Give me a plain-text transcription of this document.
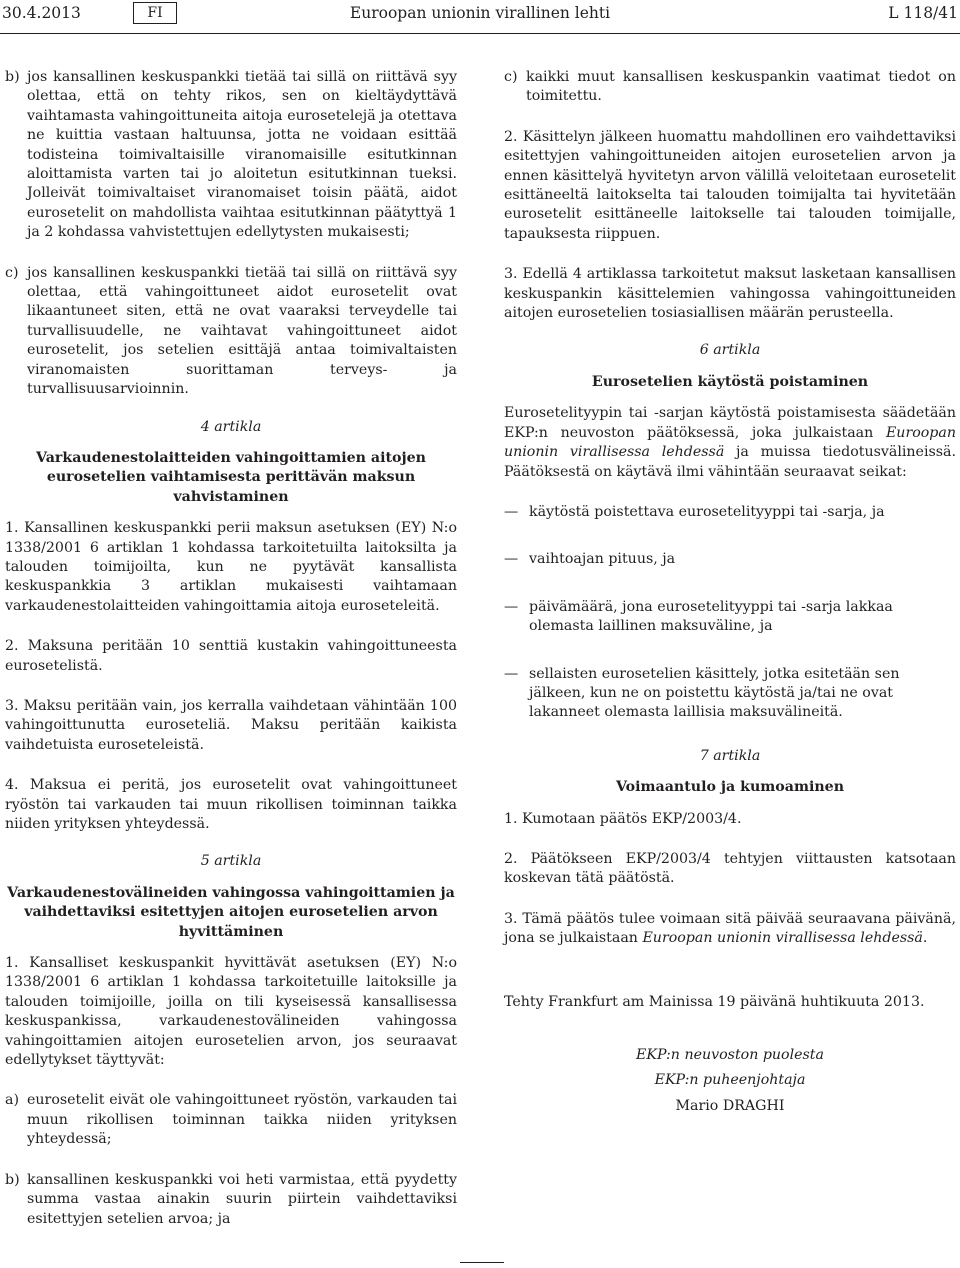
30.4.2013	FI	Euroopan unionin virallinen lehti	L 118/41
b) jos kansallinen keskuspankki tietää tai sillä on riittävä syy olettaa, että on tehty rikos, sen on kieltäydyttävä vaihtamasta vahingoittuneita aitoja eurosetelejä ja otettava ne kuittia vastaan haltuunsa, jotta ne voidaan esittää todisteina toimivaltaisille viranomaisille esitutkinnan aloittamista varten tai jo aloitetun esitutkinnan tueksi. Jolleivät toimivaltaiset viranomaiset toisin päätä, aidot eurosetelit on mahdollista vaihtaa esitutkinnan päätyttyä 1 ja 2 kohdassa vahvistettujen edellytysten mukaisesti;
c) jos kansallinen keskuspankki tietää tai sillä on riittävä syy olettaa, että vahingoittuneet aidot eurosetelit ovat likaantuneet siten, että ne ovat vaaraksi terveydelle tai turvallisuudelle, ne vaihtavat vahingoittuneet aidot eurosetelit, jos setelien esittäjä antaa toimivaltaisten viranomaisten suorittaman terveys- ja turvallisuusarvioinnin.
4 artikla
Varkaudenestolaitteiden vahingoittamien aitojen eurosetelien vaihtamisesta perittävän maksun vahvistaminen

1. Kansallinen keskuspankki perii maksun asetuksen (EY) N:o 1338/2001 6 artiklan 1 kohdassa tarkoitetuilta laitoksilta ja talouden toimijoilta, kun ne pyytävät kansallista keskuspankkia 3 artiklan mukaisesti vaihtamaan varkaudenestolaitteiden vahingoittamia aitoja euroseteleitä.

2. Maksuna peritään 10 senttiä kustakin vahingoittuneesta eurosetelistä.

3. Maksu peritään vain, jos kerralla vaihdetaan vähintään 100 vahingoittunutta euroseteliä. Maksu peritään kaikista vaihdetuista euroseteleistä.

4. Maksua ei peritä, jos eurosetelit ovat vahingoittuneet ryöstön tai varkauden tai muun rikollisen toiminnan taikka niiden yrityksen yhteydessä.

5 artikla
Varkaudenestovälineiden vahingossa vahingoittamien ja vaihdettaviksi esitettyjen aitojen eurosetelien arvon hyvittäminen

1. Kansalliset keskuspankit hyvittävät asetuksen (EY) N:o 1338/2001 6 artiklan 1 kohdassa tarkoitetuille laitoksille ja talouden toimijoille, joilla on tili kyseisessä kansallisessa keskuspankissa, varkaudenestovälineiden vahingossa vahingoittamien aitojen eurosetelien arvon, jos seuraavat edellytykset täyttyvät:

a) eurosetelit eivät ole vahingoittuneet ryöstön, varkauden tai muun rikollisen toiminnan taikka niiden yrityksen yhteydessä;
b) kansallinen keskuspankki voi heti varmistaa, että pyydetty summa vastaa ainakin suurin piirtein vaihdettaviksi esitettyjen setelien arvoa; ja
c) kaikki muut kansallisen keskuspankin vaatimat tiedot on toimitettu.

2. Käsittelyn jälkeen huomattu mahdollinen ero vaihdettaviksi esitettyjen vahingoittuneiden aitojen eurosetelien arvon ja ennen käsittelyä hyvitetyn arvon välillä veloitetaan eurosetelit esittäneeltä laitokselta tai talouden toimijalta tai hyvitetään eurosetelit esittäneelle laitokselle tai talouden toimijalle, tapauksesta riippuen.

3. Edellä 4 artiklassa tarkoitetut maksut lasketaan kansallisen keskuspankin käsittelemien vahingossa vahingoittuneiden aitojen eurosetelien tosiasiallisen määrän perusteella.

6 artikla
Eurosetelien käytöstä poistaminen

Eurosetelityypin tai -sarjan käytöstä poistamisesta säädetään EKP:n neuvoston päätöksessä, joka julkaistaan Euroopan unionin virallisessa lehdessä ja muissa tiedotusvälineissä. Päätöksestä on käytävä ilmi vähintään seuraavat seikat:

— käytöstä poistettava eurosetelityyppi tai -sarja, ja
— vaihtoajan pituus, ja
— päivämäärä, jona eurosetelityyppi tai -sarja lakkaa olemasta laillinen maksuväline, ja
— sellaisten eurosetelien käsittely, jotka esitetään sen jälkeen, kun ne on poistettu käytöstä ja/tai ne ovat lakanneet olemasta laillisia maksuvälineitä.
7 artikla
Voimaantulo ja kumoaminen

1. Kumotaan päätös EKP/2003/4.

2. Päätökseen EKP/2003/4 tehtyjen viittausten katsotaan koskevan tätä päätöstä.

3. Tämä päätös tulee voimaan sitä päivää seuraavana päivänä, jona se julkaistaan Euroopan unionin virallisessa lehdessä.

Tehty Frankfurt am Mainissa 19 päivänä huhtikuuta 2013.

EKP:n neuvoston puolesta
EKP:n puheenjohtaja
Mario DRAGHI
